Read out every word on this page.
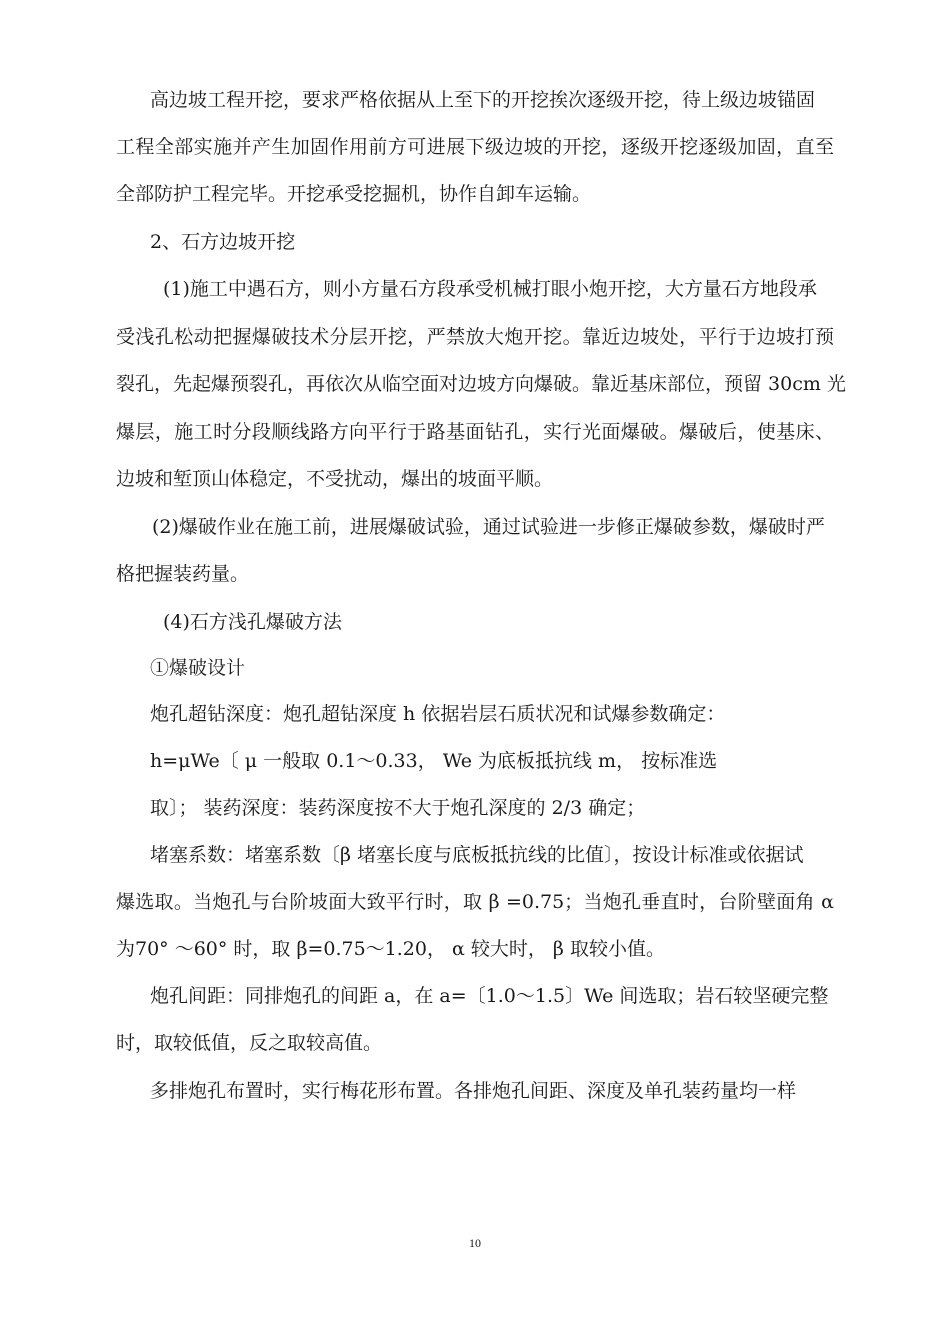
高边坡工程开挖，要求严格依据从上至下的开挖挨次逐级开挖，待上级边坡锚固
工程全部实施并产生加固作用前方可进展下级边坡的开挖，逐级开挖逐级加固，直至
全部防护工程完毕。开挖承受挖掘机，协作自卸车运输。
2、石方边坡开挖
(1)施工中遇石方，则小方量石方段承受机械打眼小炮开挖，大方量石方地段承
受浅孔松动把握爆破技术分层开挖，严禁放大炮开挖。靠近边坡处，平行于边坡打预
裂孔，先起爆预裂孔，再依次从临空面对边坡方向爆破。靠近基床部位，预留 30cm 光
爆层，施工时分段顺线路方向平行于路基面钻孔，实行光面爆破。爆破后，使基床、
边坡和堑顶山体稳定，不受扰动，爆出的坡面平顺。
(2)爆破作业在施工前，进展爆破试验，通过试验进一步修正爆破参数，爆破时严
格把握装药量。
(4)石方浅孔爆破方法
①爆破设计
炮孔超钻深度：炮孔超钻深度 h 依据岩层石质状况和试爆参数确定：
h=μWe〔 μ 一般取 0.1～0.33， We 为底板抵抗线 m， 按标准选
取〕； 装药深度：装药深度按不大于炮孔深度的 2/3 确定；
堵塞系数：堵塞系数〔β 堵塞长度与底板抵抗线的比值〕，按设计标准或依据试
爆选取。当炮孔与台阶坡面大致平行时，取 β =0.75；当炮孔垂直时，台阶壁面角 α
为70° ～60° 时，取 β=0.75～1.20， α 较大时， β 取较小值。
炮孔间距：同排炮孔的间距 a，在 a=〔1.0～1.5〕We 间选取；岩石较坚硬完整
时，取较低值，反之取较高值。
多排炮孔布置时，实行梅花形布置。各排炮孔间距、深度及单孔装药量均一样
10
